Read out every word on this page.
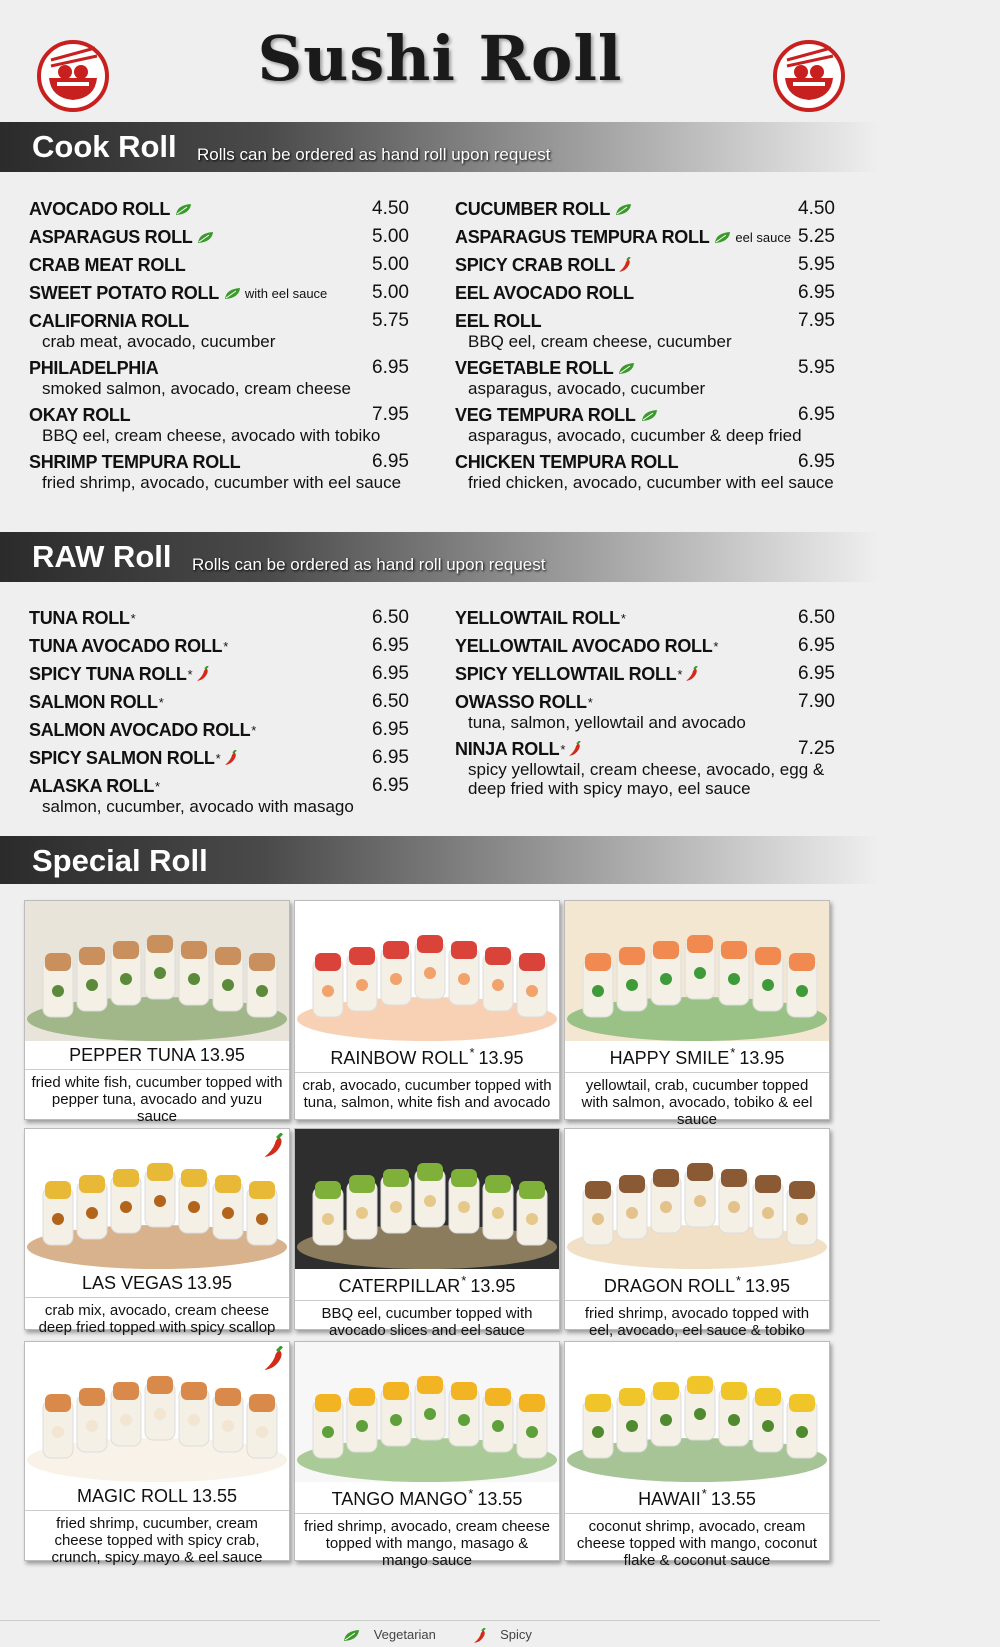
Sushi Roll
Cook Roll Rolls can be ordered as hand roll upon request
AVOCADO ROLL	4.50
ASPARAGUS ROLL	5.00
CRAB MEAT ROLL	5.00
SWEET POTATO ROLL with eel sauce 5.00
CALIFORNIA ROLL	5.75
crab meat, avocado, cucumber
PHILADELPHIA	6.95
smoked salmon, avocado, cream cheese
OKAY ROLL	7.95
BBQ eel, cream cheese, avocado with tobiko
SHRIMP TEMPURA ROLL	6.95
fried shrimp, avocado, cucumber with eel sauce
CUCUMBER ROLL	4.50
ASPARAGUS TEMPURA ROLL eel sauce 5.25
SPICY CRAB ROLL	5.95
EEL AVOCADO ROLL	6.95
EEL ROLL	7.95
BBQ eel, cream cheese, cucumber
VEGETABLE ROLL	5.95
asparagus, avocado, cucumber
VEG TEMPURA ROLL	6.95
asparagus, avocado, cucumber & deep fried
CHICKEN TEMPURA ROLL	6.95
fried chicken, avocado, cucumber with eel sauce
RAW Roll Rolls can be ordered as hand roll upon request
TUNA ROLL *	6.50
TUNA AVOCADO ROLL *	6.95
SPICY TUNA ROLL *	6.95
SALMON ROLL *	6.50
SALMON AVOCADO ROLL *	6.95
SPICY SALMON ROLL *	6.95
ALASKA ROLL *	6.95
salmon, cucumber, avocado with masago
YELLOWTAIL ROLL *	6.50
YELLOWTAIL AVOCADO ROLL *	6.95
SPICY YELLOWTAIL ROLL *	6.95
OWASSO ROLL *	7.90
tuna, salmon, yellowtail and avocado
NINJA ROLL *	7.25
spicy yellowtail, cream cheese, avocado, egg & deep fried with spicy mayo, eel sauce
Special Roll
PEPPER TUNA 13.95
fried white fish, cucumber topped with pepper tuna, avocado and yuzu sauce
RAINBOW ROLL* 13.95
crab, avocado, cucumber topped with tuna, salmon, white fish and avocado
HAPPY SMILE* 13.95
yellowtail, crab, cucumber topped with salmon, avocado, tobiko & eel sauce
LAS VEGAS 13.95
crab mix, avocado, cream cheese deep fried topped with spicy scallop
CATERPILLAR* 13.95
BBQ eel, cucumber topped with avocado slices and eel sauce
DRAGON ROLL* 13.95
fried shrimp, avocado topped with eel, avocado, eel sauce & tobiko
MAGIC ROLL 13.55
fried shrimp, cucumber, cream cheese topped with spicy crab, crunch, spicy mayo & eel sauce
TANGO MANGO* 13.55
fried shrimp, avocado, cream cheese topped with mango, masago & mango sauce
HAWAII* 13.55
coconut shrimp, avocado, cream cheese topped with mango, coconut flake & coconut sauce
Vegetarian	Spicy
